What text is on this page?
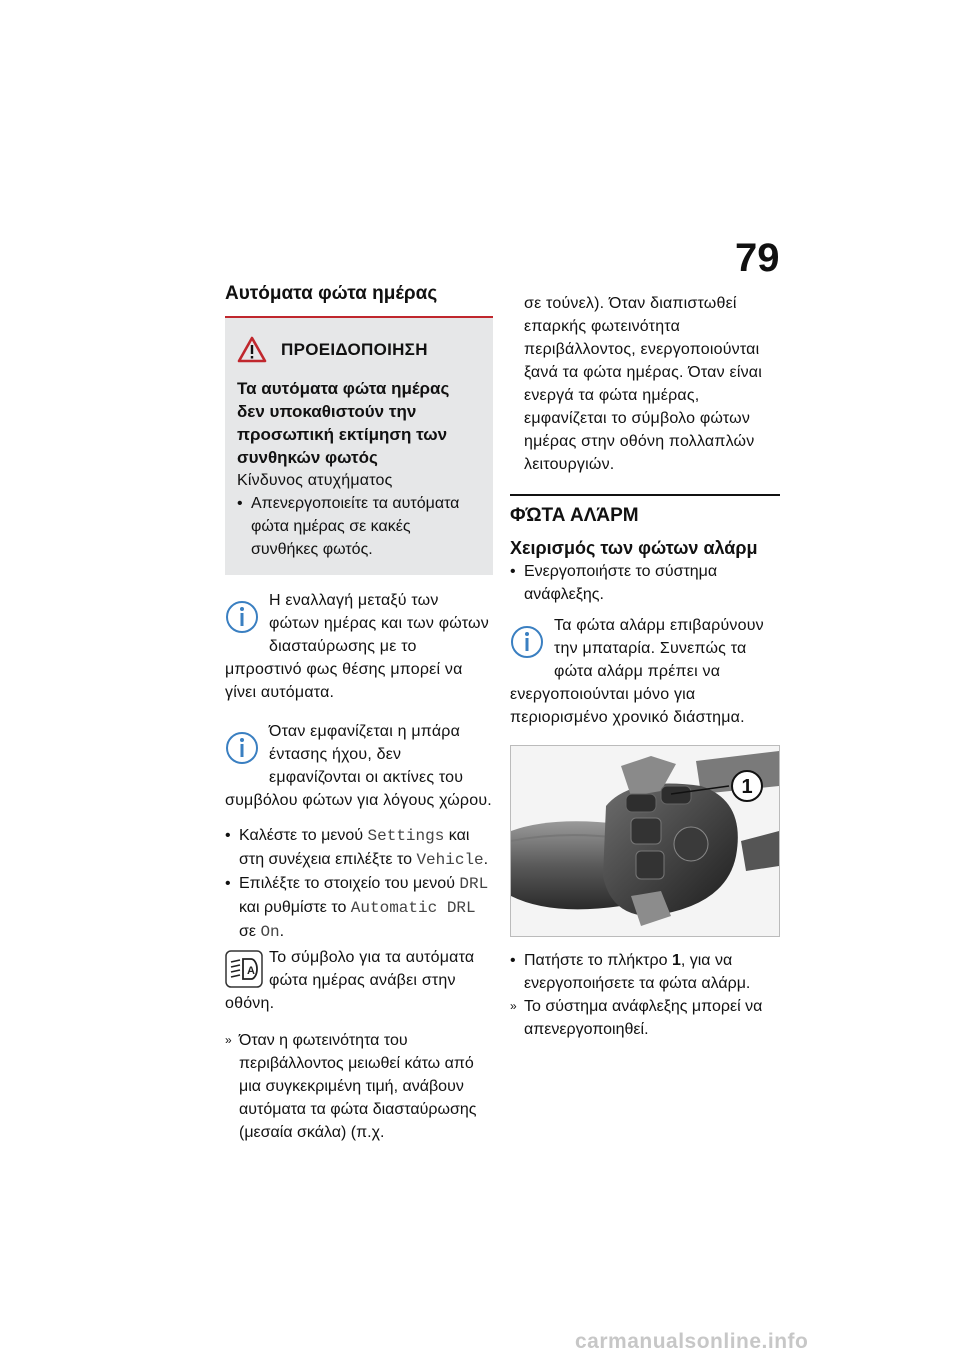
79
Αυτόματα φώτα ημέρας
ΠΡΟΕΙΔΟΠΟΙΗΣΗ
Τα αυτόματα φώτα ημέρας δεν υποκαθιστούν την προσωπική εκτίμηση των συνθηκών φωτός
Κίνδυνος ατυχήματος
• Απενεργοποιείτε τα αυτόματα φώτα ημέρας σε κακές συνθήκες φωτός.
Η εναλλαγή μεταξύ των φώτων ημέρας και των φώτων διασταύρωσης με το μπροστινό φως θέσης μπορεί να γίνει αυτόματα.
Όταν εμφανίζεται η μπάρα έντασης ήχου, δεν εμφανίζονται οι ακτίνες του συμβόλου φώτων για λόγους χώρου.
• Καλέστε το μενού Settings και στη συνέχεια επιλέξτε το Vehicle.
• Επιλέξτε το στοιχείο του μενού DRL και ρυθμίστε το Automatic DRL σε On.
A
Το σύμβολο για τα αυτόματα φώτα ημέρας ανάβει στην οθόνη.
» Όταν η φωτεινότητα του περιβάλλοντος μειωθεί κάτω από μια συγκεκριμένη τιμή, ανάβουν αυτόματα τα φώτα διασταύρωσης (μεσαία σκάλα) (π.χ.
σε τούνελ). Όταν διαπιστωθεί επαρκής φωτεινότητα περιβάλλοντος, ενεργοποιούνται ξανά τα φώτα ημέρας. Όταν είναι ενεργά τα φώτα ημέρας, εμφανίζεται το σύμβολο φώτων ημέρας στην οθόνη πολλαπλών λειτουργιών.
ΦΏΤΑ ΑΛΆΡΜ
Χειρισμός των φώτων αλάρμ
• Ενεργοποιήστε το σύστημα ανάφλεξης.
Τα φώτα αλάρμ επιβαρύνουν την μπαταρία. Συνεπώς τα φώτα αλάρμ πρέπει να ενεργοποιούνται μόνο για περιορισμένο χρονικό διάστημα.
1
• Πατήστε το πλήκτρο 1, για να ενεργοποιήσετε τα φώτα αλάρμ.
» Το σύστημα ανάφλεξης μπορεί να απενεργοποιηθεί.
carmanualsonline.info
